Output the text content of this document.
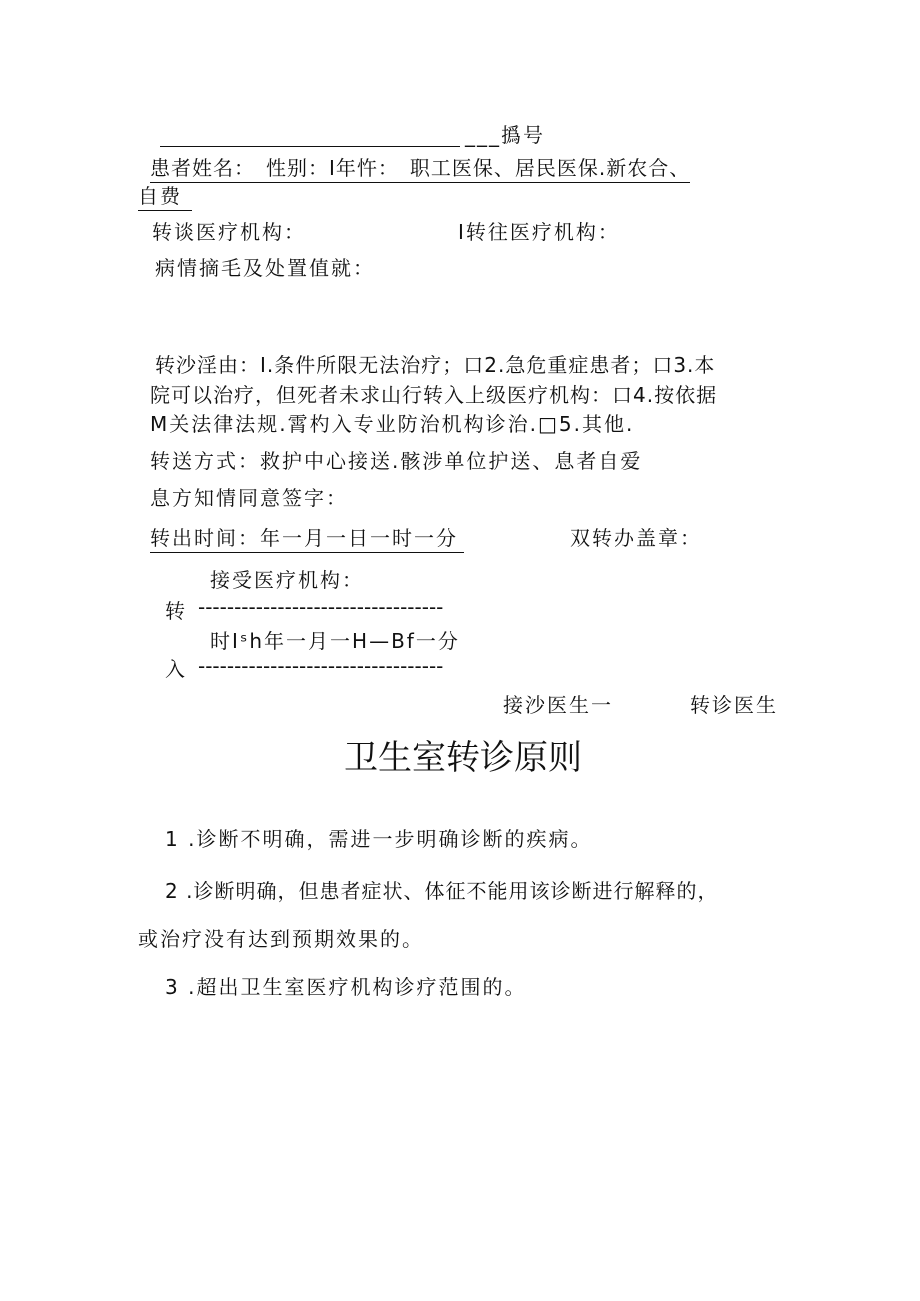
___撝号
患者姓名：　性别：I年忤：　职工医保、居民医保.新农合、
自费
转谈医疗机构：	I转往医疗机构：
病情摘毛及处置值就：
转沙淫由：I.条件所限无法治疗；口2.急危重症患者；口3.本
院可以治疗，但死者未求山行转入上级医疗机构：口4.按依据
M关法律法规.霄杓入专业防治机构诊治.□5.其他.
转送方式：救护中心接送.骸涉单位护送、息者自爱
息方知情同意签字：
转出时间：年一月一日一时一分	双转办盖章：
接受医疗机构：
转 ----------------------------------
时Iˢh年一月一H—Bf一分
入 ----------------------------------
接沙医生一	转诊医生
卫生室转诊原则
1 .诊断不明确，需进一步明确诊断的疾病。
2 .诊断明确，但患者症状、体征不能用该诊断进行解释的，
或治疗没有达到预期效果的。
3 .超出卫生室医疗机构诊疗范围的。
